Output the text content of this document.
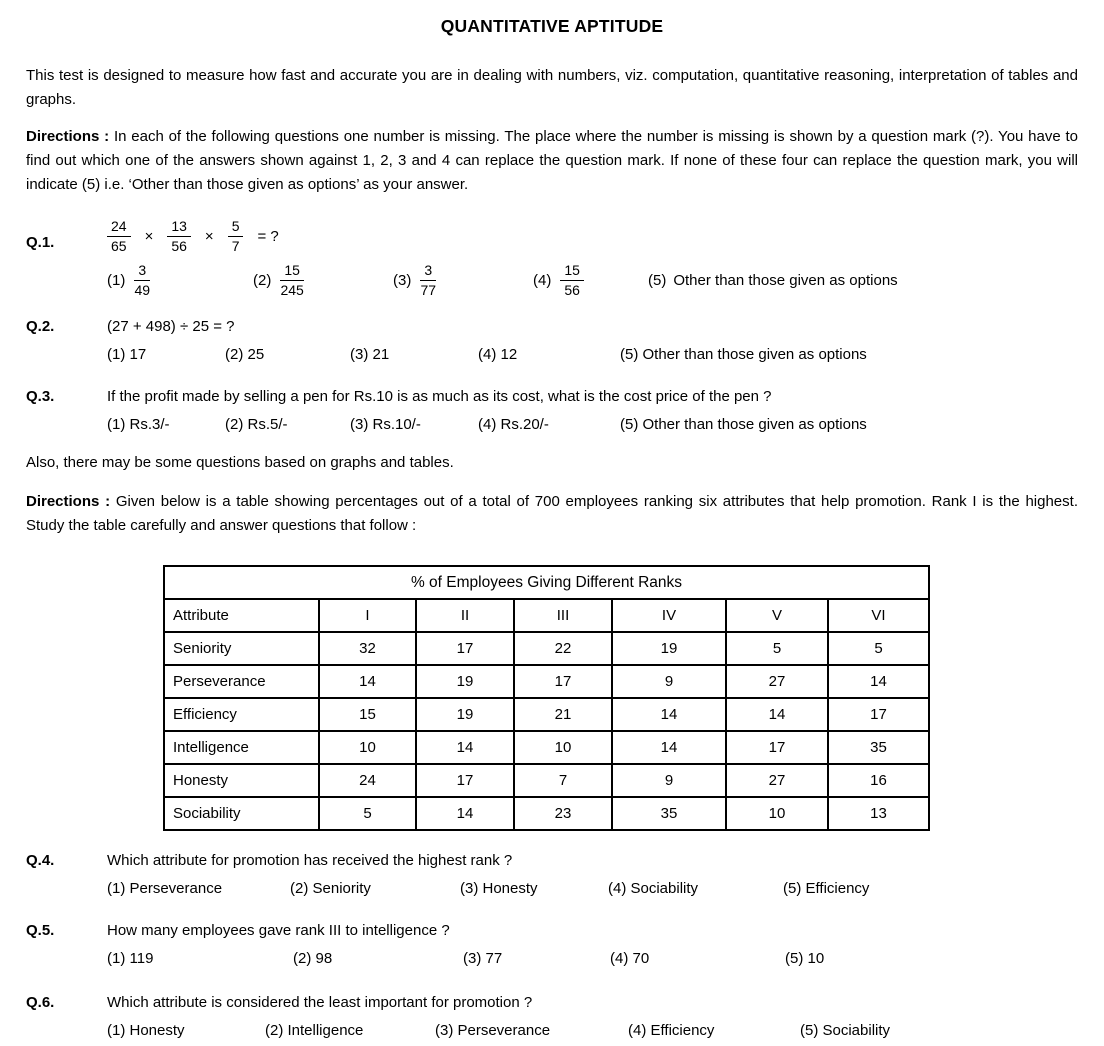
QUANTITATIVE APTITUDE

This test is designed to measure how fast and accurate you are in dealing with numbers, viz. computation, quantitative reasoning, interpretation of tables and graphs.

Directions : In each of the following questions one number is missing. The place where the number is missing is shown by a question mark (?). You have to find out which one of the answers shown against 1, 2, 3 and 4 can replace the question mark. If none of these four can replace the question mark, you will indicate (5) i.e. ‘Other than those given as options’ as your answer.

Q.1.	$\frac{24}{65} \times \frac{13}{56} \times \frac{5}{7}$ = ?
$(1) \frac{3}{49}$	$(2) \frac{15}{245}$	$(3) \frac{3}{77}$	$(4) \frac{15}{56}$	(5) Other than those given as options
Q.2.	(27 + 498) ÷ 25 = ?
(1) 17	(2) 25	(3) 21	(4) 12	(5) Other than those given as options
Q.3.	If the profit made by selling a pen for Rs.10 is as much as its cost, what is the cost price of the pen ?
(1) Rs.3/-	(2) Rs.5/-	(3) Rs.10/-	(4) Rs.20/-	(5) Other than those given as options

Also, there may be some questions based on graphs and tables.

Directions : Given below is a table showing percentages out of a total of 700 employees ranking six attributes that help promotion. Rank I is the highest. Study the table carefully and answer questions that follow :

% of Employees Giving Different Ranks						
Attribute	I	II	III	IV	V	VI
Seniority	32	17	22	19	5	5
Perseverance	14	19	17	9	27	14
Efficiency	15	19	21	14	14	17
Intelligence	10	14	10	14	17	35
Honesty	24	17	7	9	27	16
Sociability	5	14	23	35	10	13
Q.4.	Which attribute for promotion has received the highest rank ?
(1) Perseverance	(2) Seniority	(3) Honesty	(4) Sociability	(5) Efficiency
Q.5.	How many employees gave rank III to intelligence ?
(1) 119	(2) 98	(3) 77	(4) 70	(5) 10
Q.6.	Which attribute is considered the least important for promotion ?
(1) Honesty	(2) Intelligence	(3) Perseverance	(4) Efficiency	(5) Sociability
